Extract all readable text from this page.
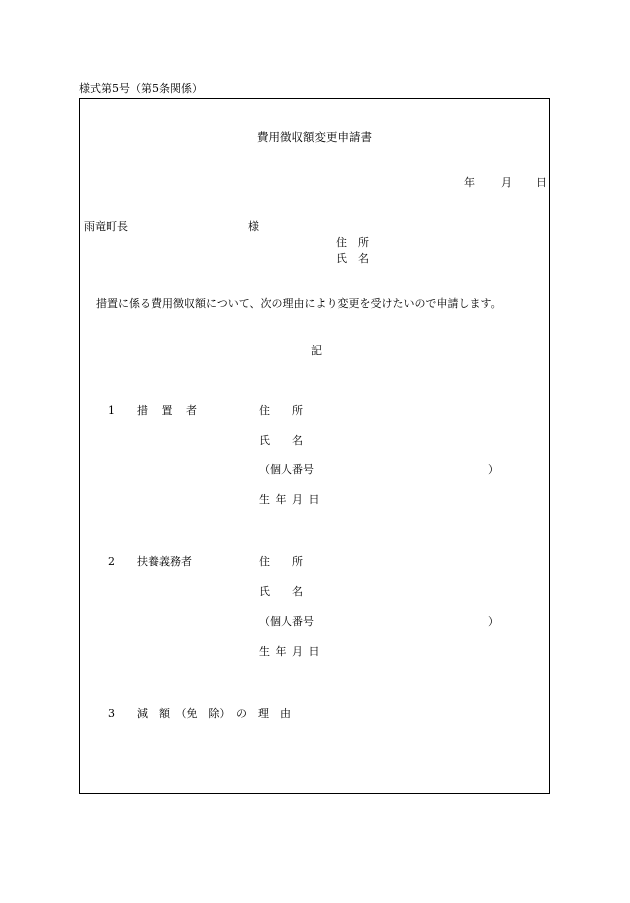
様式第5号（第5条関係）
費用徴収額変更申請書
年 月 日
雨竜町長	様
住　所
氏　名
措置に係る費用徴収額について、次の理由により変更を受けたいので申請します。
記
1 措 置 者	住　　所
氏　　名
（個人番号	）
生 年 月 日
2 扶養義務者	住　　所
氏　　名
（個人番号	）
生 年 月 日
3 減　額　（免　除）　の　理　由
